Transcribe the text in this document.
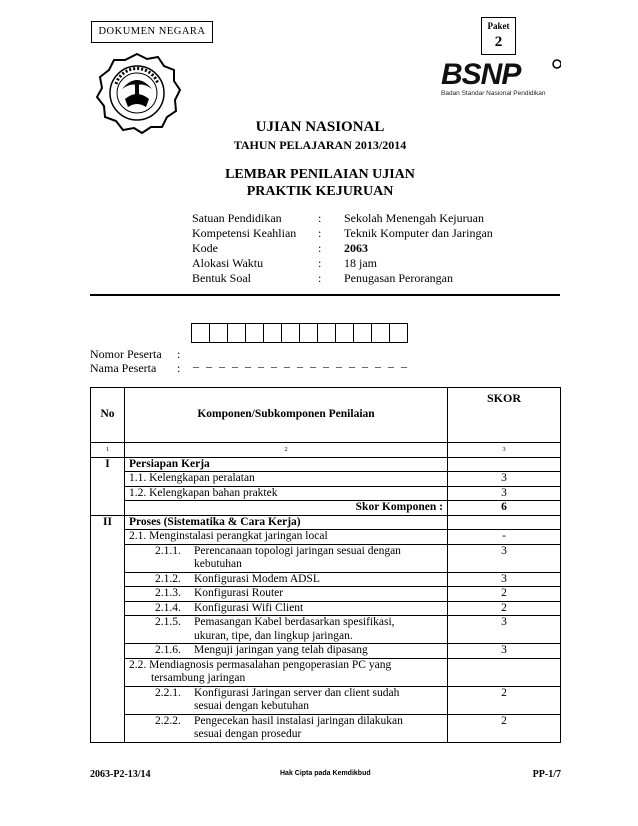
DOKUMEN NEGARA	Paket
2
BSNP
Badan Standar Nasional Pendidikan
UJIAN NASIONAL
TAHUN PELAJARAN 2013/2014
LEMBAR PENILAIAN UJIAN
PRAKTIK KEJURUAN
Satuan Pendidikan	:	Sekolah Menengah Kejuruan
Kompetensi Keahlian	:	Teknik Komputer dan Jaringan
Kode	:	2063
Alokasi Waktu	:	18 jam
Bentuk Soal	:	Penugasan Perorangan
Nomor Peserta :
Nama Peserta : _ _ _ _ _ _ _ _ _ _ _ _ _ _ _ _ _
No	Komponen/Subkomponen Penilaian	SKOR
1	2	3
I	Persiapan Kerja	
	1.1. Kelengkapan peralatan	3
	1.2. Kelengkapan bahan praktek	3
	Skor Komponen :	6
II	Proses (Sistematika & Cara Kerja)	
	2.1. Menginstalasi perangkat jaringan local	-
	2.1.1. Perencanaan topologi jaringan sesuai dengan
kebutuhan	3
	2.1.2. Konfigurasi Modem ADSL	3
	2.1.3. Konfigurasi Router	2
	2.1.4. Konfigurasi Wifi Client	2
	2.1.5. Pemasangan Kabel berdasarkan spesifikasi,
ukuran, tipe, dan lingkup jaringan.	3
	2.1.6. Menguji jaringan yang telah dipasang	3
	2.2. Mendiagnosis permasalahan pengoperasian PC yang
tersambung jaringan	
	2.2.1. Konfigurasi Jaringan server dan client sudah
sesuai dengan kebutuhan	2
	2.2.2. Pengecekan hasil instalasi jaringan dilakukan
sesuai dengan prosedur	2
2063-P2-13/14	Hak Cipta pada Kemdikbud	PP-1/7
